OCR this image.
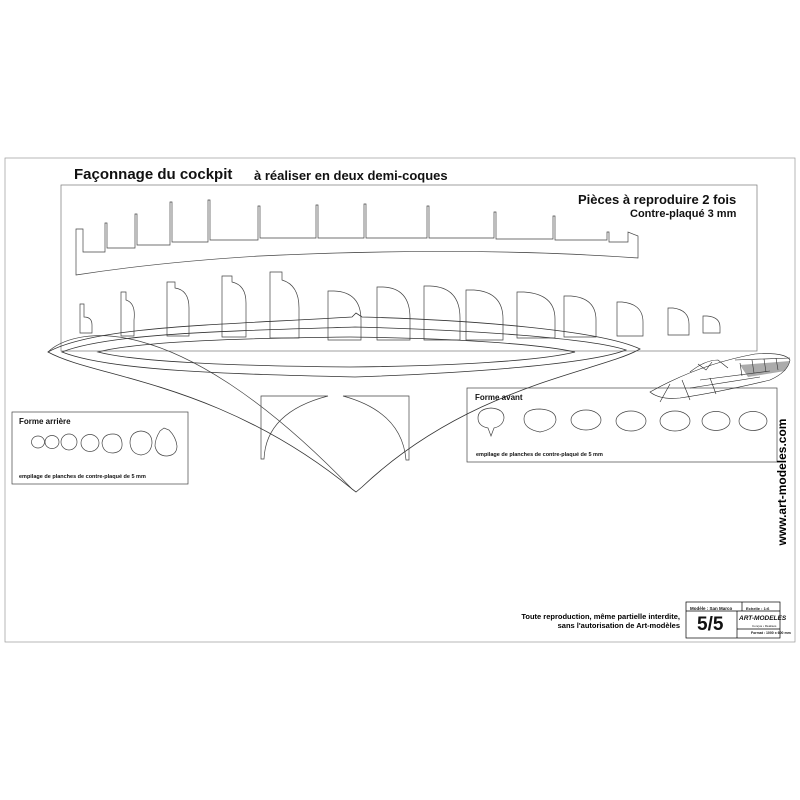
Façonnage du cockpit à réaliser en deux demi-coques
Pièces à reproduire 2 fois
Contre-plaqué 3 mm
Forme arrière
empilage de planches de contre-plaqué de 5 mm
Forme avant
empilage de planches de contre-plaqué de 5 mm	www.art-modeles.com
Toute reproduction, même partielle interdite,
sans l'autorisation de Art-modèles
Modèle : San Marco	Echelle : 1:6
5/5 ART-MODELES
Conçus • Réalisés
Format : 1000 x 600 mm
